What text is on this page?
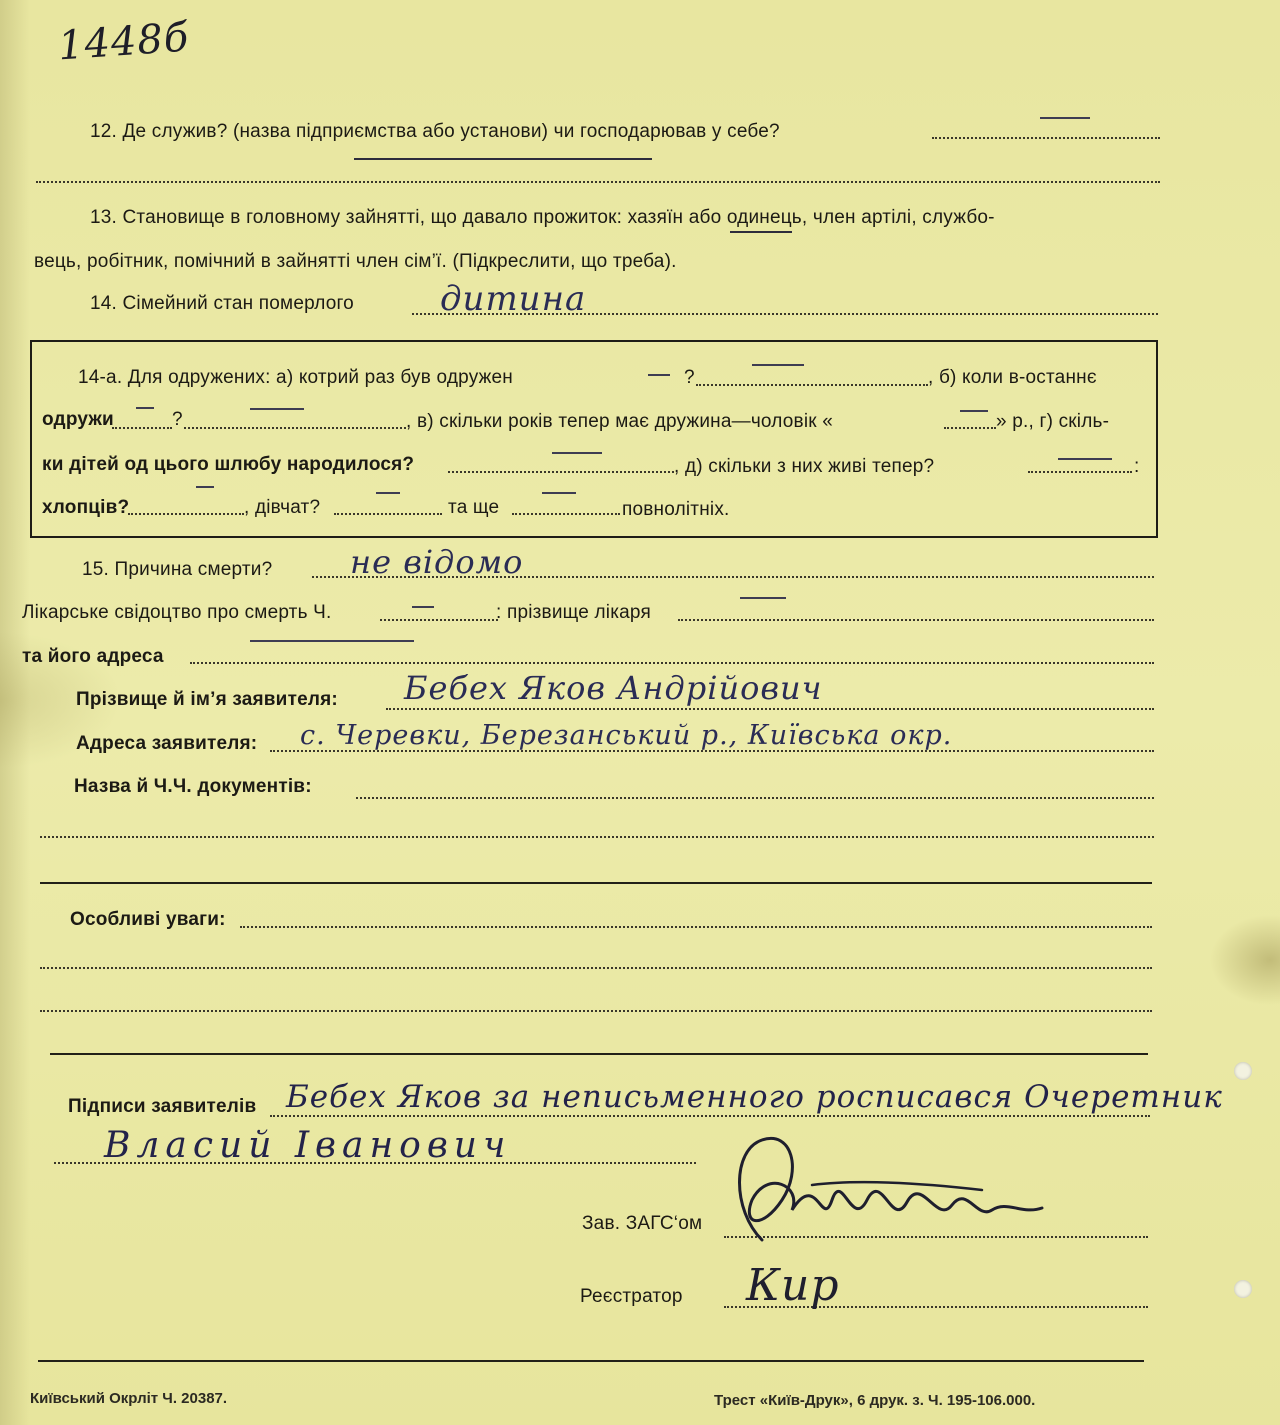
1448б
12. Де служив? (назва підприємства або установи) чи господарював у себе?
13. Становище в головному зайнятті, що давало прожиток: хазяїн або одинець, член артілі, службо-
вець, робітник, помічний в зайнятті член сім’ї. (Підкреслити, що треба).
14. Сімейний стан померлого	дитина
14-а. Для одружених: а) котрий раз був одружен	?	, б) коли в-останнє
одружи	?	, в) скільки років тепер має дружина—чоловік «	» р., г) скіль-
ки дітей од цього шлюбу народилося?	, д) скільки з них живі тепер?	:
хлопців?	, дівчат?	та ще	повнолітніх.
15. Причина смерти? не відомо
Лікарське свідоцтво про смерть Ч.	: прізвище лікаря
та його адреса
Прізвище й ім’я заявителя: Бебех Яков Андрійович
Адреса заявителя: с. Черевки, Березанський р., Київська окр.
Назва й Ч.Ч. документів:
Особливі уваги:
Підписи заявителів Бебех Яков за неписьменного росписався Очеретник
Власий Іванович
Зав. ЗАГС‘ом
Реєстратор Кир
Київський Окрліт Ч. 20387.	Трест «Київ-Друк», 6 друк. з. Ч. 195-106.000.
